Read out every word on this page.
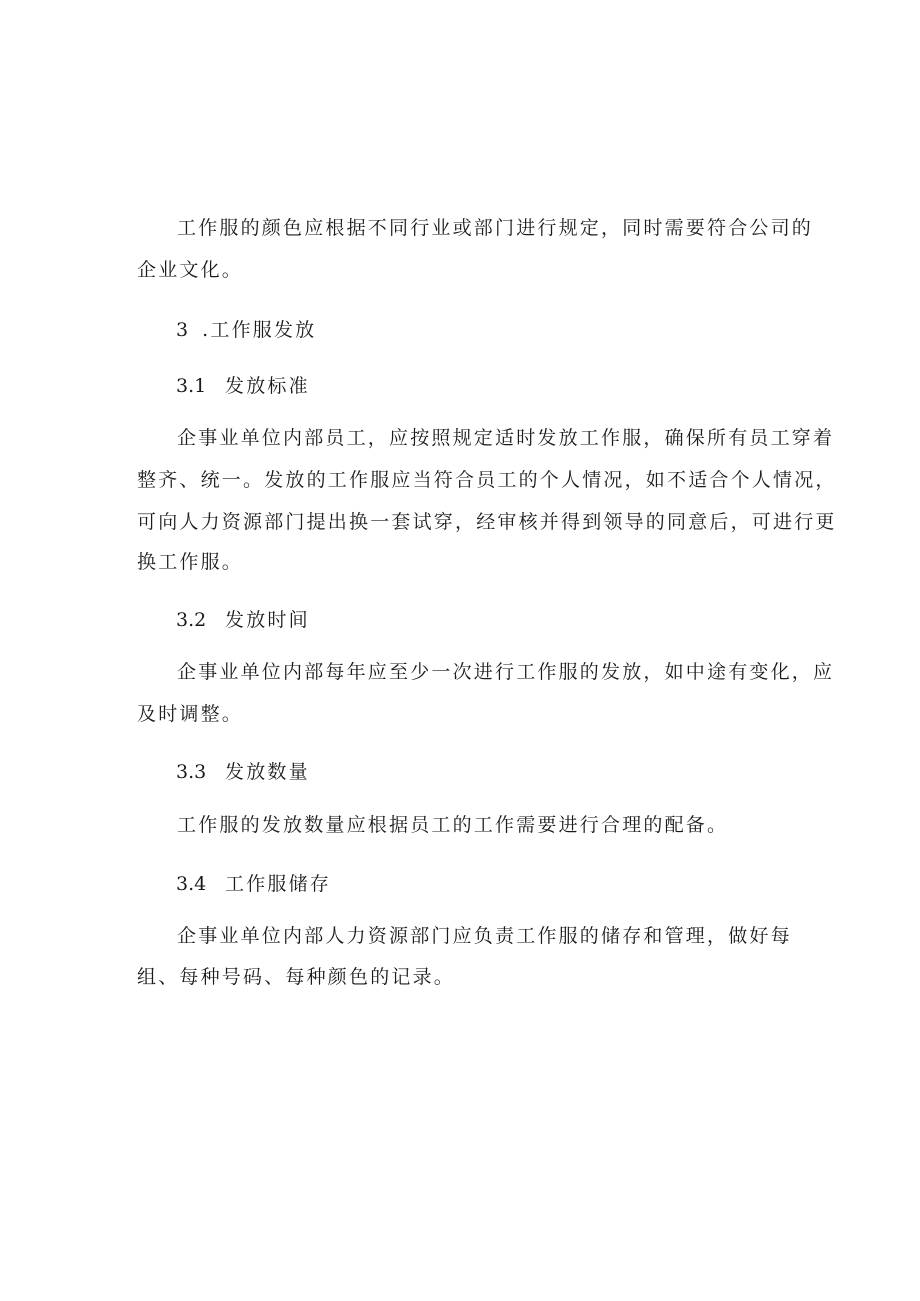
工作服的颜色应根据不同行业或部门进行规定，同时需要符合公司的
企业文化。
3 .工作服发放
3.1 发放标准
企事业单位内部员工，应按照规定适时发放工作服，确保所有员工穿着
整齐、统一。发放的工作服应当符合员工的个人情况，如不适合个人情况，
可向人力资源部门提出换一套试穿，经审核并得到领导的同意后，可进行更
换工作服。
3.2 发放时间
企事业单位内部每年应至少一次进行工作服的发放，如中途有变化，应
及时调整。
3.3 发放数量
工作服的发放数量应根据员工的工作需要进行合理的配备。
3.4 工作服储存
企事业单位内部人力资源部门应负责工作服的储存和管理，做好每
组、每种号码、每种颜色的记录。
